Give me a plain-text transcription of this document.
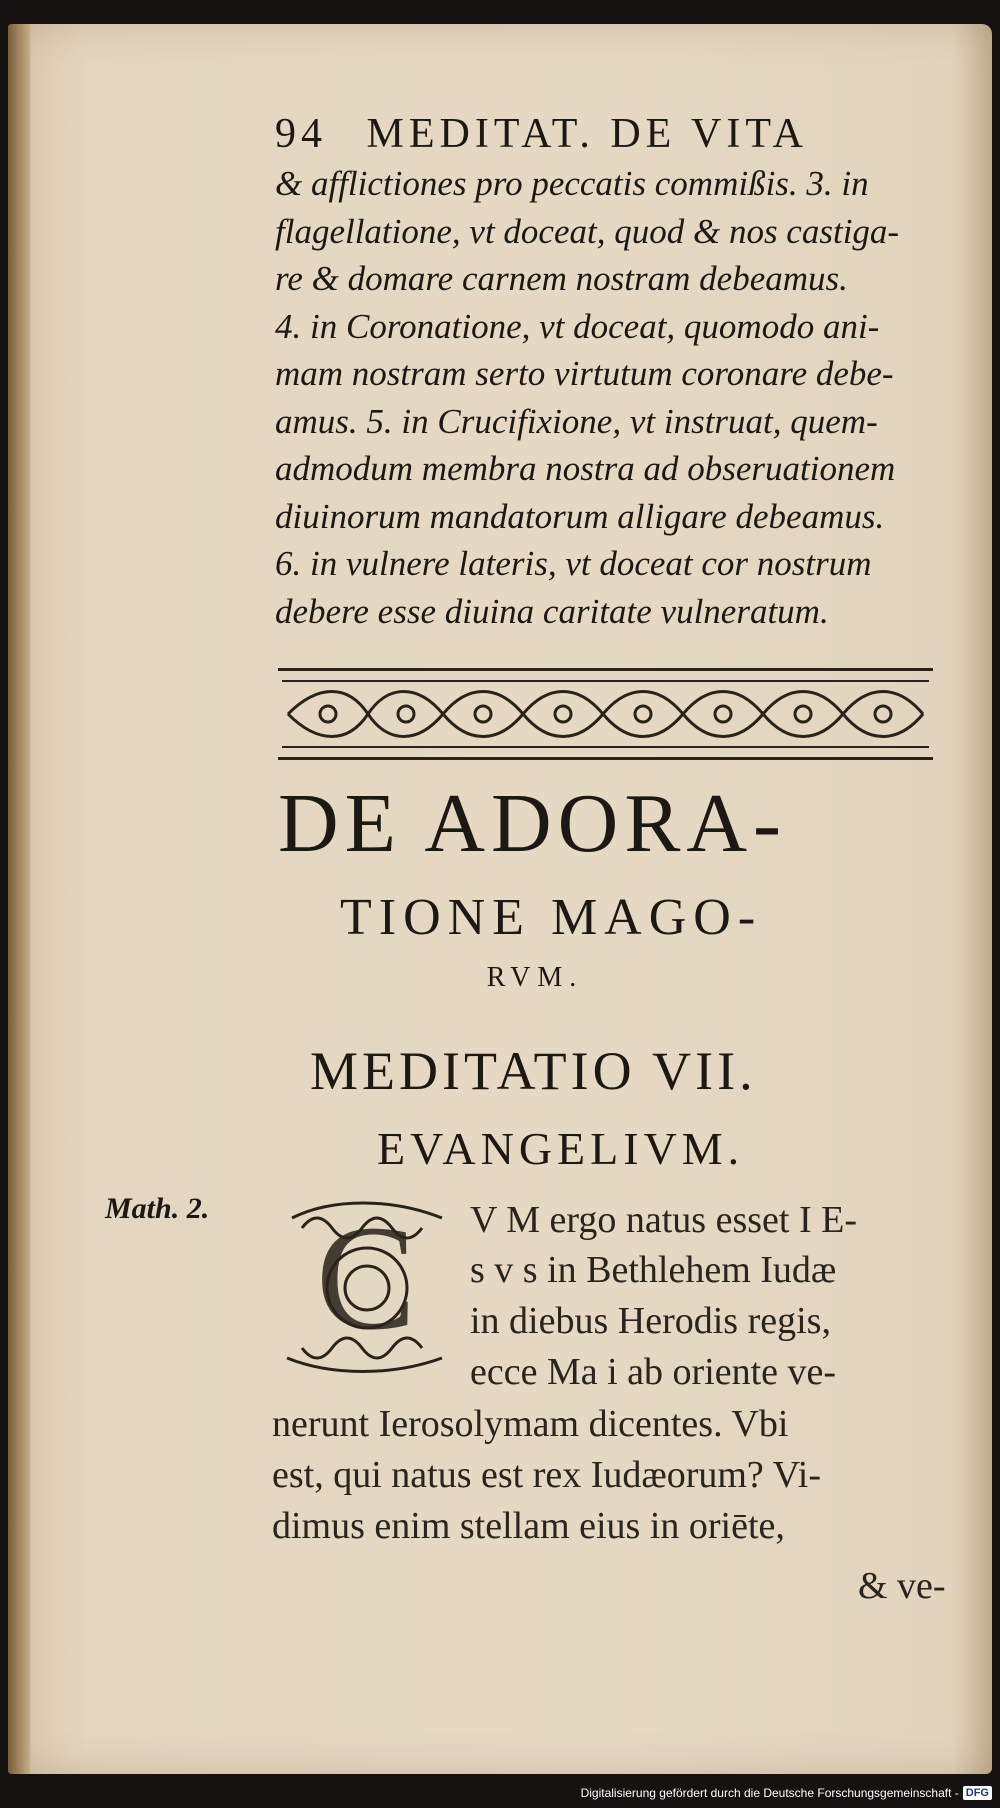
94 MEDITAT. DE VITA
& afflictiones pro peccatis commißis. 3. in
flagellatione, vt doceat, quod & nos castiga-
re & domare carnem nostram debeamus.
4. in Coronatione, vt doceat, quomodo ani-
mam nostram serto virtutum coronare debe-
amus. 5. in Crucifixione, vt instruat, quem-
admodum membra nostra ad obseruationem
diuinorum mandatorum alligare debeamus.
6. in vulnere lateris, vt doceat cor nostrum
debere esse diuina caritate vulneratum.
DE ADORA-
TIONE MAGO-
RVM.
MEDITATIO VII.
EVANGELIVM.
Math. 2. C V M ergo natus esset I E-
s v s in Bethlehem Iudæ
in diebus Herodis regis,
ecce Ma i ab oriente ve-
nerunt Ierosolymam dicentes. Vbi
est, qui natus est rex Iudæorum? Vi-
dimus enim stellam eius in oriēte,
& ve-
Digitalisierung gefördert durch die Deutsche Forschungsgemeinschaft - DFG
